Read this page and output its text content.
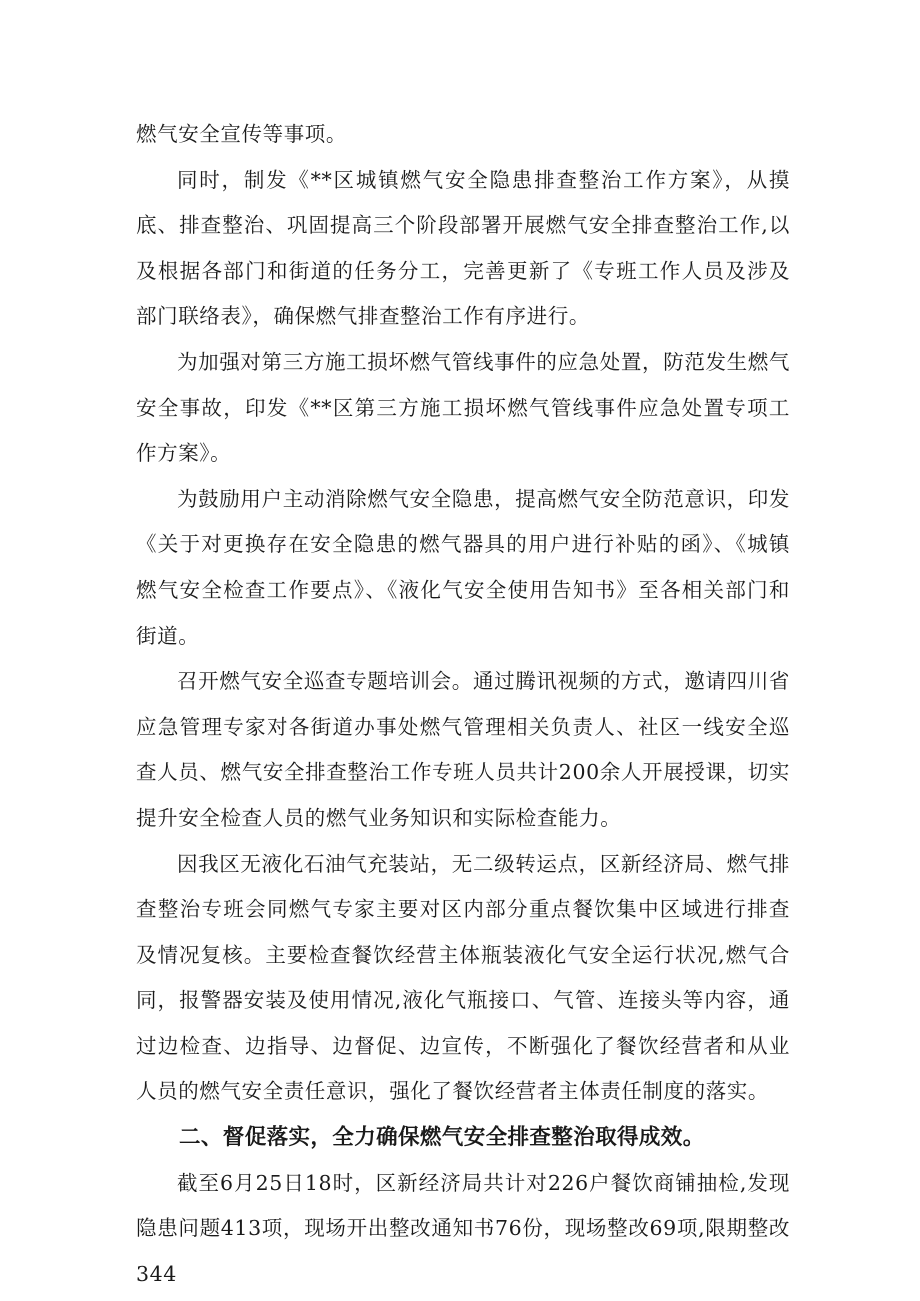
燃气安全宣传等事项。

同时，制发《**区城镇燃气安全隐患排查整治工作方案》，从摸底、排查整治、巩固提高三个阶段部署开展燃气安全排查整治工作,以及根据各部门和街道的任务分工，完善更新了《专班工作人员及涉及部门联络表》，确保燃气排查整治工作有序进行。

为加强对第三方施工损坏燃气管线事件的应急处置，防范发生燃气安全事故，印发《**区第三方施工损坏燃气管线事件应急处置专项工作方案》。

为鼓励用户主动消除燃气安全隐患，提高燃气安全防范意识，印发《关于对更换存在安全隐患的燃气器具的用户进行补贴的函》、《城镇燃气安全检查工作要点》、《液化气安全使用告知书》至各相关部门和街道。

召开燃气安全巡查专题培训会。通过腾讯视频的方式，邀请四川省应急管理专家对各街道办事处燃气管理相关负责人、社区一线安全巡查人员、燃气安全排查整治工作专班人员共计200余人开展授课，切实提升安全检查人员的燃气业务知识和实际检查能力。

因我区无液化石油气充装站，无二级转运点，区新经济局、燃气排查整治专班会同燃气专家主要对区内部分重点餐饮集中区域进行排查及情况复核。主要检查餐饮经营主体瓶装液化气安全运行状况,燃气合同，报警器安装及使用情况,液化气瓶接口、气管、连接头等内容，通过边检查、边指导、边督促、边宣传，不断强化了餐饮经营者和从业人员的燃气安全责任意识，强化了餐饮经营者主体责任制度的落实。

二、督促落实，全力确保燃气安全排查整治取得成效。

截至6月25日18时，区新经济局共计对226户餐饮商铺抽检,发现隐患问题413项，现场开出整改通知书76份，现场整改69项,限期整改344
